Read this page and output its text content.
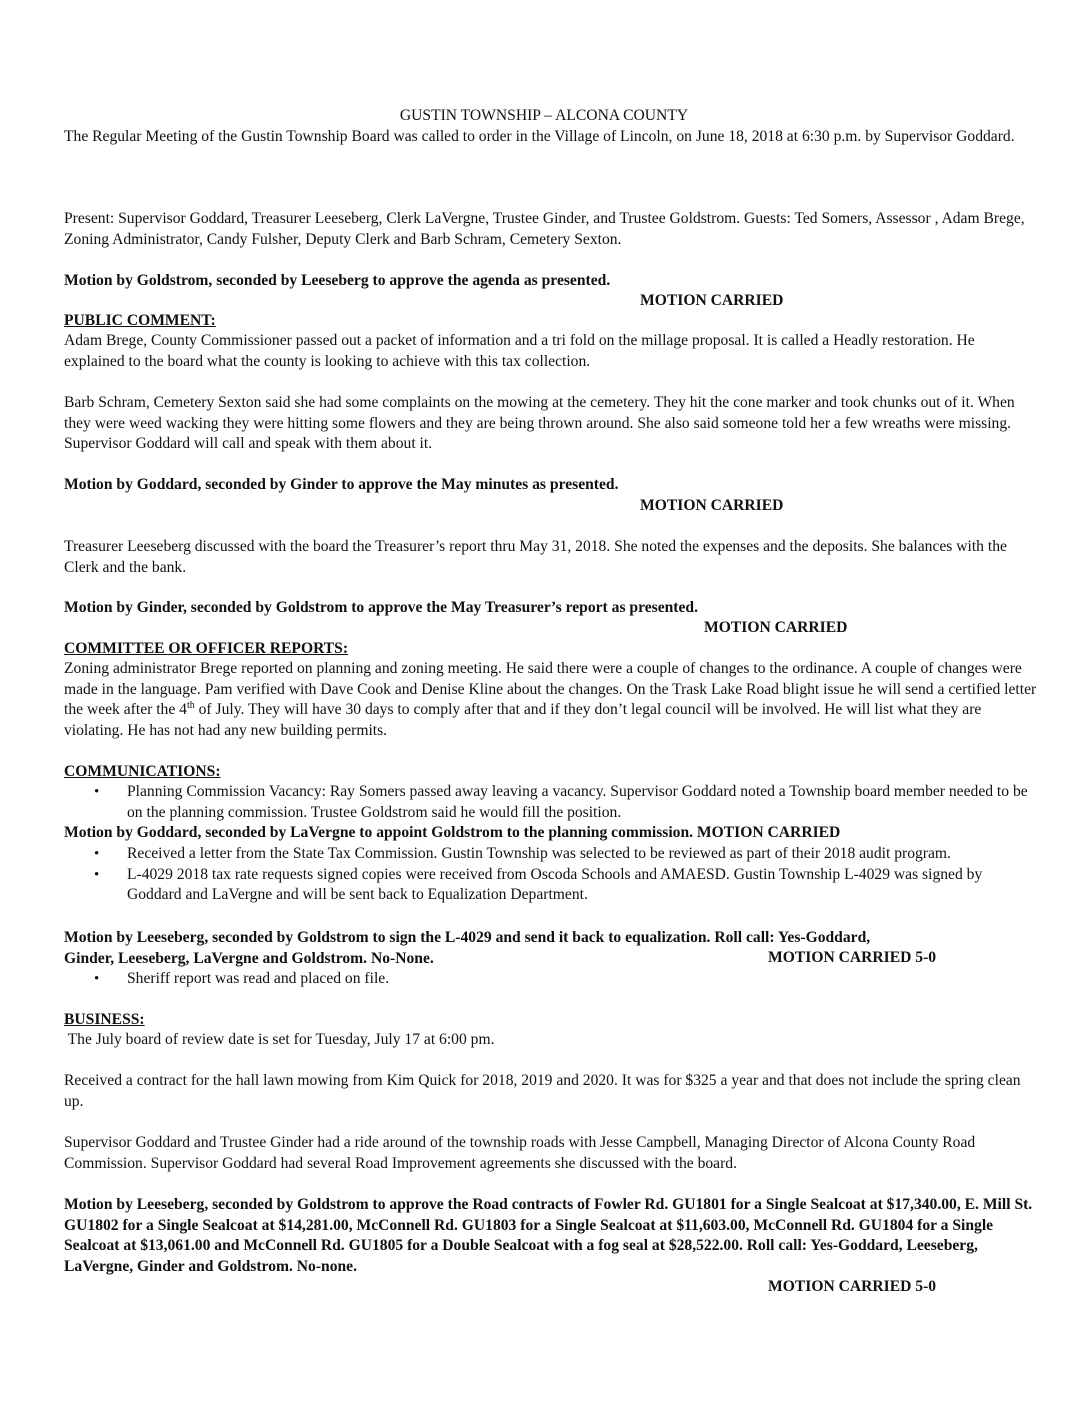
GUSTIN TOWNSHIP – ALCONA COUNTY

The Regular Meeting of the Gustin Township Board was called to order in the Village of Lincoln, on June 18, 2018 at 6:30 p.m. by Supervisor Goddard.

Present: Supervisor Goddard, Treasurer Leeseberg, Clerk LaVergne, Trustee Ginder, and Trustee Goldstrom. Guests: Ted Somers, Assessor , Adam Brege, Zoning Administrator, Candy Fulsher, Deputy Clerk and Barb Schram, Cemetery Sexton.

Motion by Goldstrom, seconded by Leeseberg to approve the agenda as presented.

MOTION CARRIED

PUBLIC COMMENT:

Adam Brege, County Commissioner passed out a packet of information and a tri fold on the millage proposal. It is called a Headly restoration. He explained to the board what the county is looking to achieve with this tax collection.

Barb Schram, Cemetery Sexton said she had some complaints on the mowing at the cemetery. They hit the cone marker and took chunks out of it. When they were weed wacking they were hitting some flowers and they are being thrown around. She also said someone told her a few wreaths were missing. Supervisor Goddard will call and speak with them about it.

Motion by Goddard, seconded by Ginder to approve the May minutes as presented.

MOTION CARRIED

Treasurer Leeseberg discussed with the board the Treasurer’s report thru May 31, 2018. She noted the expenses and the deposits. She balances with the Clerk and the bank.

Motion by Ginder, seconded by Goldstrom to approve the May Treasurer’s report as presented.

MOTION CARRIED

COMMITTEE OR OFFICER REPORTS:

Zoning administrator Brege reported on planning and zoning meeting. He said there were a couple of changes to the ordinance. A couple of changes were made in the language. Pam verified with Dave Cook and Denise Kline about the changes. On the Trask Lake Road blight issue he will send a certified letter the week after the 4th of July. They will have 30 days to comply after that and if they don’t legal council will be involved. He will list what they are violating. He has not had any new building permits.

COMMUNICATIONS:

• Planning Commission Vacancy: Ray Somers passed away leaving a vacancy. Supervisor Goddard noted a Township board member needed to be on the planning commission. Trustee Goldstrom said he would fill the position.

Motion by Goddard, seconded by LaVergne to appoint Goldstrom to the planning commission. MOTION CARRIED

• Received a letter from the State Tax Commission. Gustin Township was selected to be reviewed as part of their 2018 audit program.
• L-4029 2018 tax rate requests signed copies were received from Oscoda Schools and AMAESD. Gustin Township L-4029 was signed by Goddard and LaVergne and will be sent back to Equalization Department.

Motion by Leeseberg, seconded by Goldstrom to sign the L-4029 and send it back to equalization. Roll call: Yes-Goddard,
Ginder, Leeseberg, LaVergne and Goldstrom. No-None.	MOTION CARRIED 5-0
• Sheriff report was read and placed on file.

BUSINESS:

The July board of review date is set for Tuesday, July 17 at 6:00 pm.

Received a contract for the hall lawn mowing from Kim Quick for 2018, 2019 and 2020. It was for $325 a year and that does not include the spring clean up.

Supervisor Goddard and Trustee Ginder had a ride around of the township roads with Jesse Campbell, Managing Director of Alcona County Road Commission. Supervisor Goddard had several Road Improvement agreements she discussed with the board.

Motion by Leeseberg, seconded by Goldstrom to approve the Road contracts of Fowler Rd. GU1801 for a Single Sealcoat at $17,340.00, E. Mill St. GU1802 for a Single Sealcoat at $14,281.00, McConnell Rd. GU1803 for a Single Sealcoat at $11,603.00, McConnell Rd. GU1804 for a Single Sealcoat at $13,061.00 and McConnell Rd. GU1805 for a Double Sealcoat with a fog seal at $28,522.00. Roll call: Yes-Goddard, Leeseberg, LaVergne, Ginder and Goldstrom. No-none.

MOTION CARRIED 5-0
